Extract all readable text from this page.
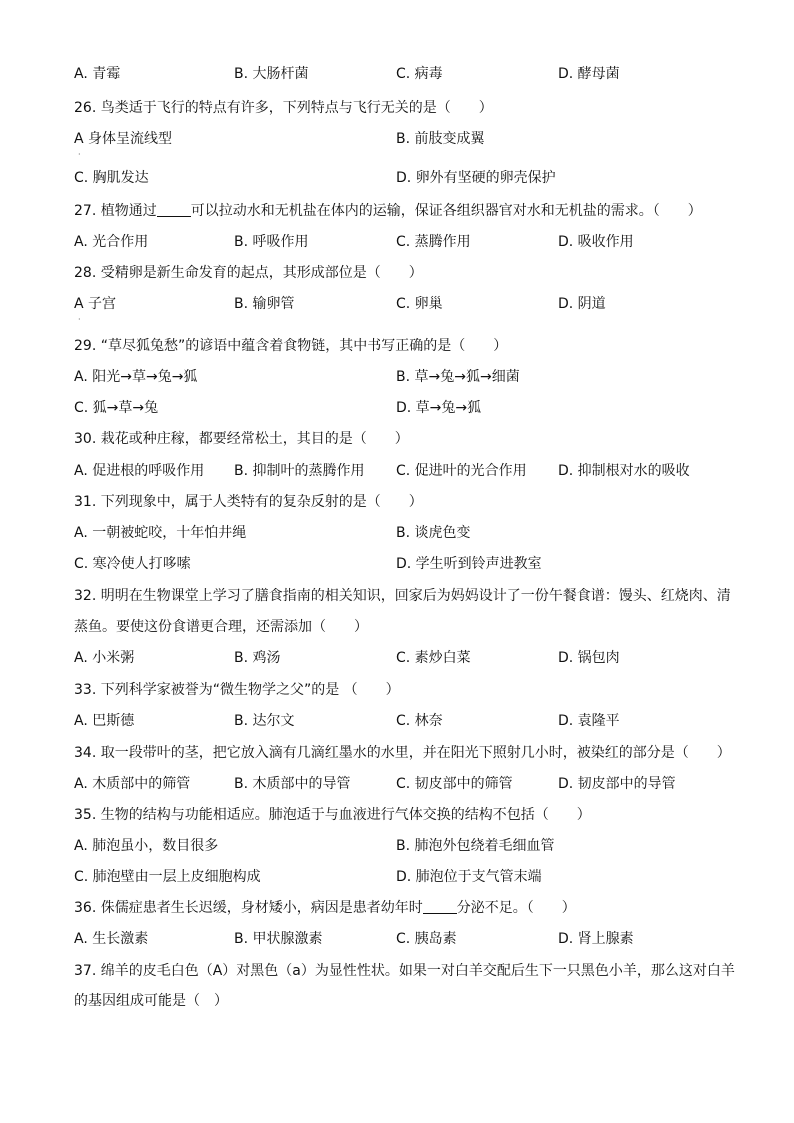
A. 青霉	B. 大肠杆菌	C. 病毒	D. 酵母菌
26. 鸟类适于飞行的特点有许多，下列特点与飞行无关的是（　　）
A 身体呈流线型	B. 前肢变成翼
·
C. 胸肌发达	D. 卵外有坚硬的卵壳保护
27. 植物通过 可以拉动水和无机盐在体内的运输，保证各组织器官对水和无机盐的需求。（　　）
A. 光合作用	B. 呼吸作用	C. 蒸腾作用	D. 吸收作用
28. 受精卵是新生命发育的起点，其形成部位是（　　）
A 子宫	B. 输卵管	C. 卵巢	D. 阴道
·
29. “草尽狐兔愁”的谚语中蕴含着食物链，其中书写正确的是（　　）
A. 阳光→草→兔→狐	B. 草→兔→狐→细菌
C. 狐→草→兔	D. 草→兔→狐
30. 栽花或种庄稼，都要经常松土，其目的是（　　）
A. 促进根的呼吸作用 B. 抑制叶的蒸腾作用 C. 促进叶的光合作用 D. 抑制根对水的吸收
31. 下列现象中，属于人类特有的复杂反射的是（　　）
A. 一朝被蛇咬，十年怕井绳	B. 谈虎色变
C. 寒冷使人打哆嗦	D. 学生听到铃声进教室
32. 明明在生物课堂上学习了膳食指南的相关知识，回家后为妈妈设计了一份午餐食谱：馒头、红烧肉、清
蒸鱼。要使这份食谱更合理，还需添加（　　）
A. 小米粥	B. 鸡汤	C. 素炒白菜	D. 锅包肉
33. 下列科学家被誉为“微生物学之父”的是 （　　）
A. 巴斯德	B. 达尔文	C. 林奈	D. 袁隆平
34. 取一段带叶的茎，把它放入滴有几滴红墨水的水里，并在阳光下照射几小时，被染红的部分是（　　）
A. 木质部中的筛管	B. 木质部中的导管	C. 韧皮部中的筛管	D. 韧皮部中的导管
35. 生物的结构与功能相适应。肺泡适于与血液进行气体交换的结构不包括（　　）
A. 肺泡虽小，数目很多	B. 肺泡外包绕着毛细血管
C. 肺泡壁由一层上皮细胞构成	D. 肺泡位于支气管末端
36. 侏儒症患者生长迟缓，身材矮小，病因是患者幼年时 分泌不足。（　　）
A. 生长激素	B. 甲状腺激素	C. 胰岛素	D. 肾上腺素
37. 绵羊的皮毛白色（A）对黑色（a）为显性性状。如果一对白羊交配后生下一只黑色小羊，那么这对白羊
的基因组成可能是（　）
